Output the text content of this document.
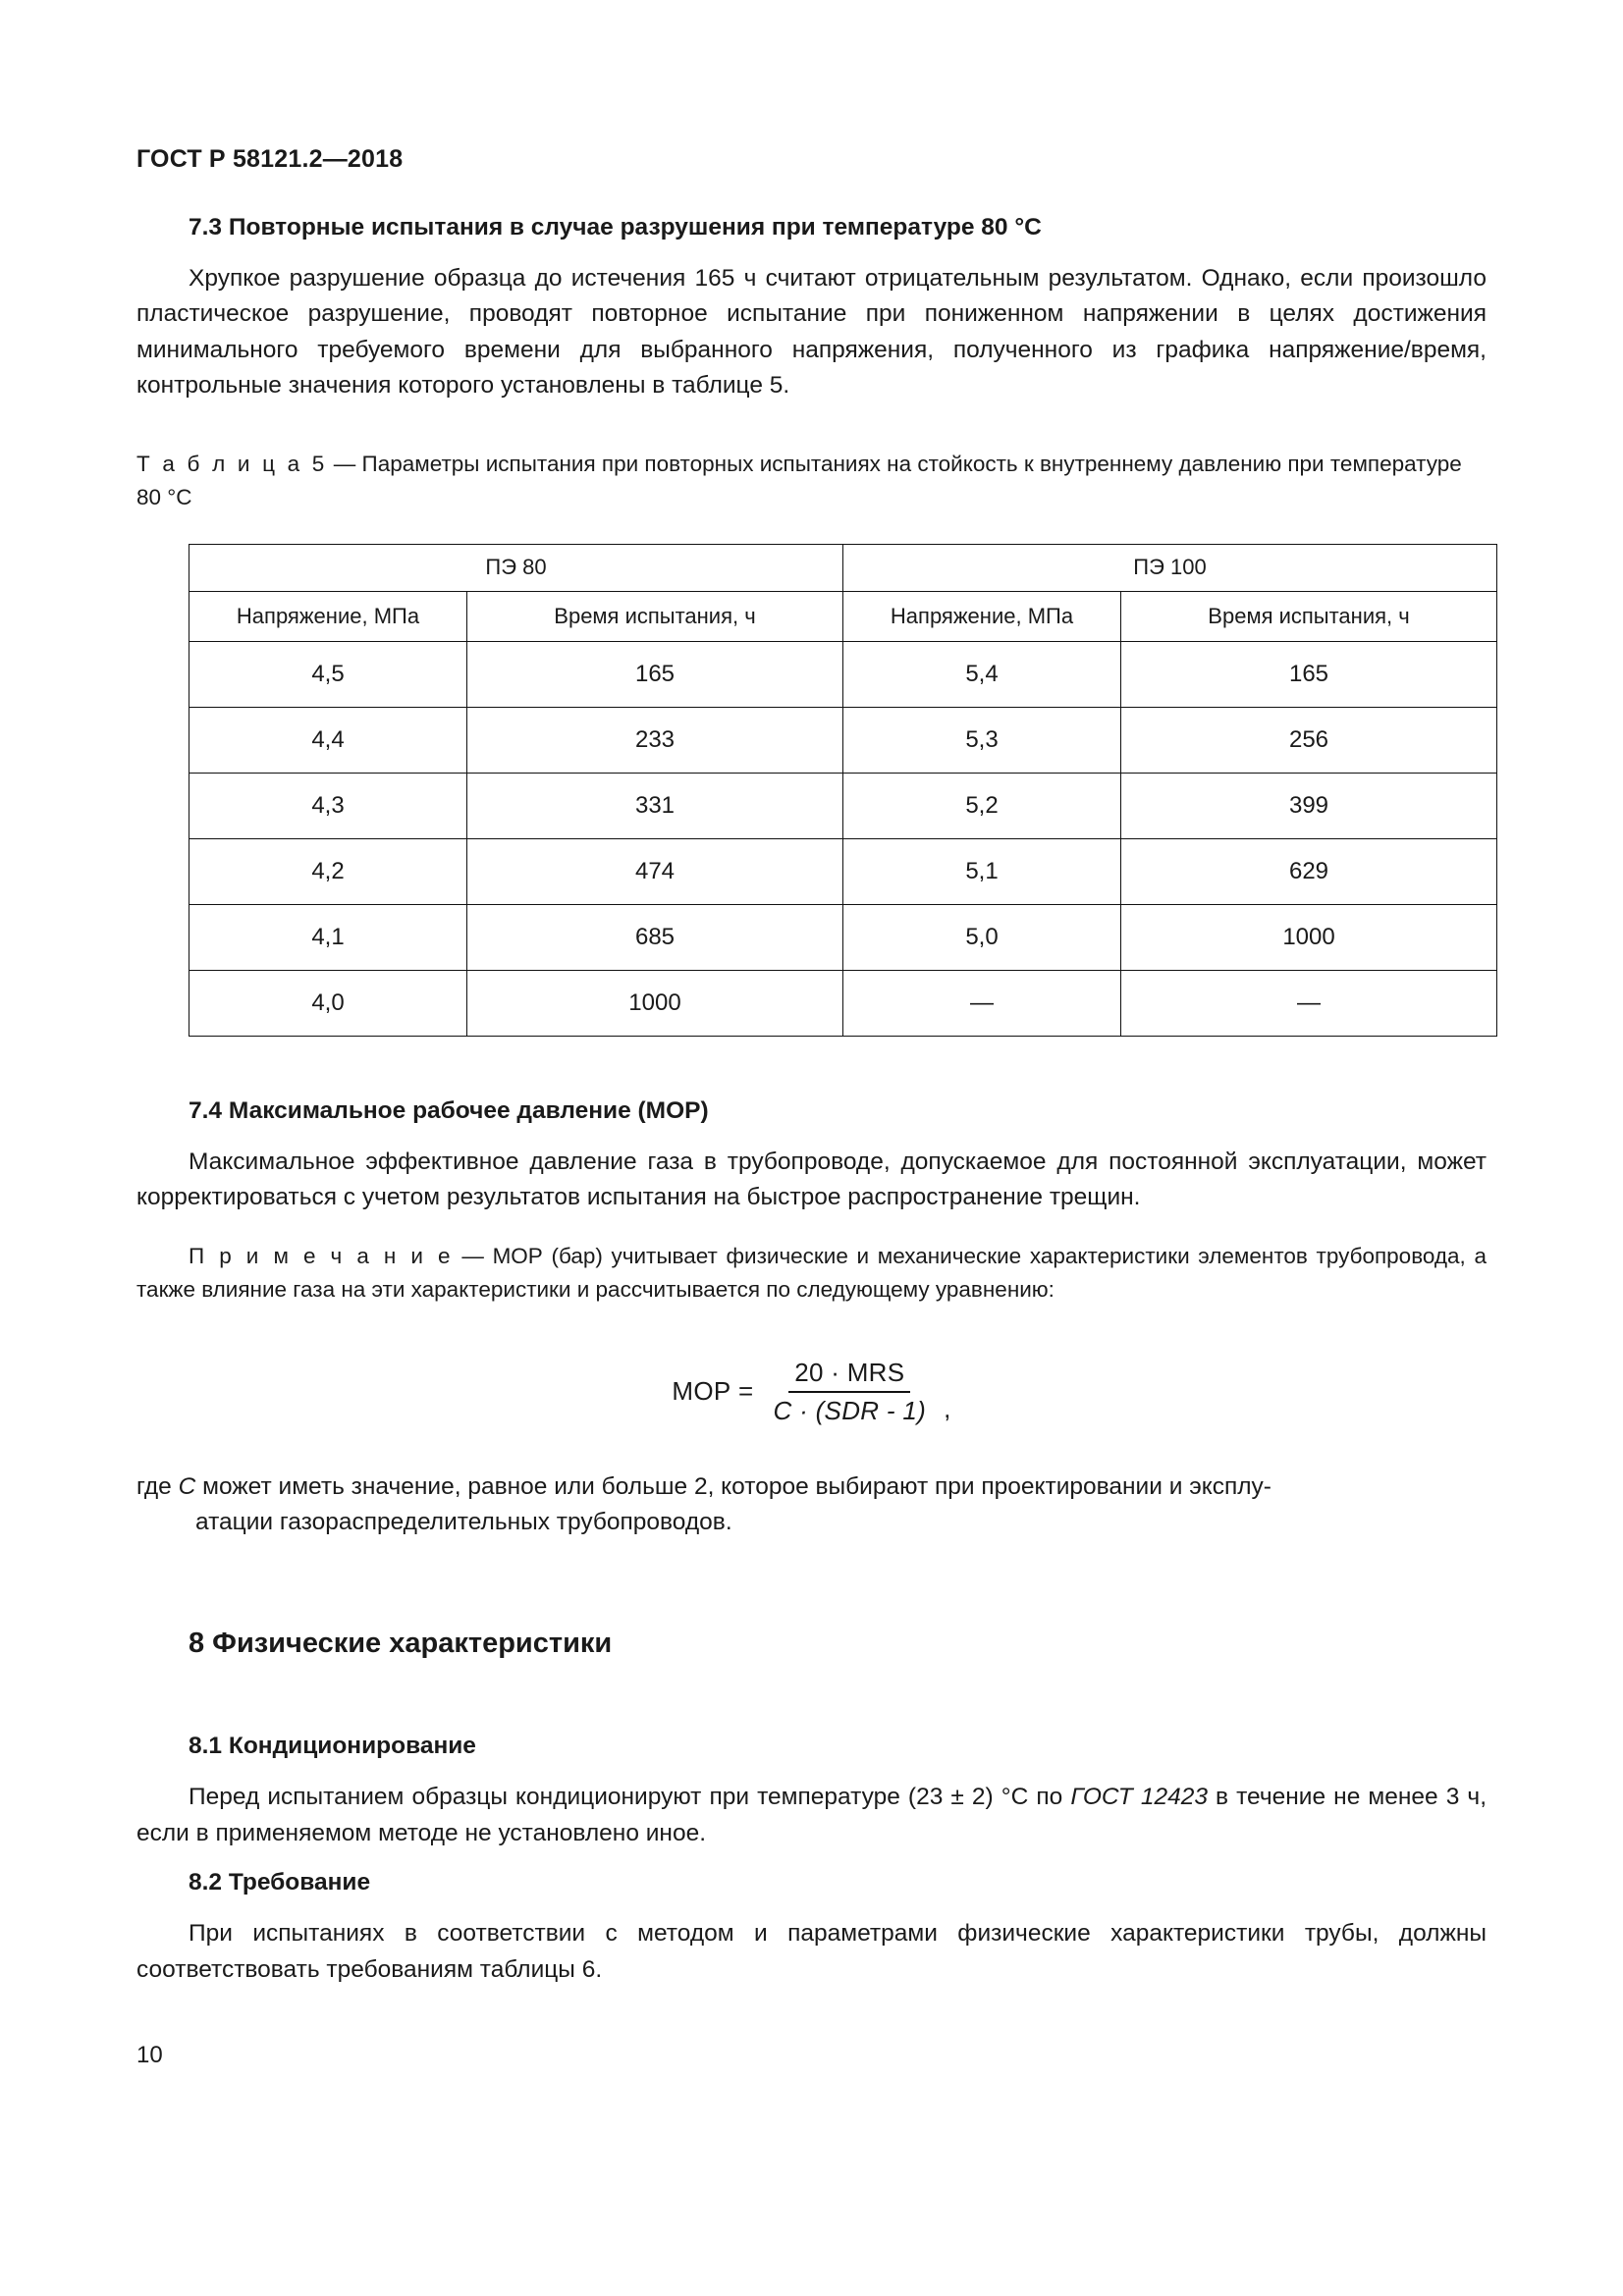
ГОСТ Р 58121.2—2018
7.3 Повторные испытания в случае разрушения при температуре 80 °C

Хрупкое разрушение образца до истечения 165 ч считают отрицательным результатом. Однако, если произошло пластическое разрушение, проводят повторное испытание при пониженном напряжении в целях достижения минимального требуемого времени для выбранного напряжения, полученного из графика напряжение/время, контрольные значения которого установлены в таблице 5.

Т а б л и ц а 5 — Параметры испытания при повторных испытаниях на стойкость к внутреннему давлению при температуре 80 °C

ПЭ 80		ПЭ 100	
Напряжение, МПа	Время испытания, ч	Напряжение, МПа	Время испытания, ч
4,5	165	5,4	165
4,4	233	5,3	256
4,3	331	5,2	399
4,2	474	5,1	629
4,1	685	5,0	1000
4,0	1000	—	—
7.4 Максимальное рабочее давление (МОР)

Максимальное эффективное давление газа в трубопроводе, допускаемое для постоянной эксплуатации, может корректироваться с учетом результатов испытания на быстрое распространение трещин.

П р и м е ч а н и е — МОР (бар) учитывает физические и механические характеристики элементов трубопровода, а также влияние газа на эти характеристики и рассчитывается по следующему уравнению:

МОР = $\frac{\text{20 · MRS}}{\text{C · (SDR - 1)}}$ ,

где C может иметь значение, равное или больше 2, которое выбирают при проектировании и эксплу-
атации газораспределительных трубопроводов.

8 Физические характеристики
8.1 Кондиционирование

Перед испытанием образцы кондиционируют при температуре (23 ± 2) °C по ГОСТ 12423 в течение не менее 3 ч, если в применяемом методе не установлено иное.

8.2 Требование

При испытаниях в соответствии с методом и параметрами физические характеристики трубы, должны соответствовать требованиям таблицы 6.

10
